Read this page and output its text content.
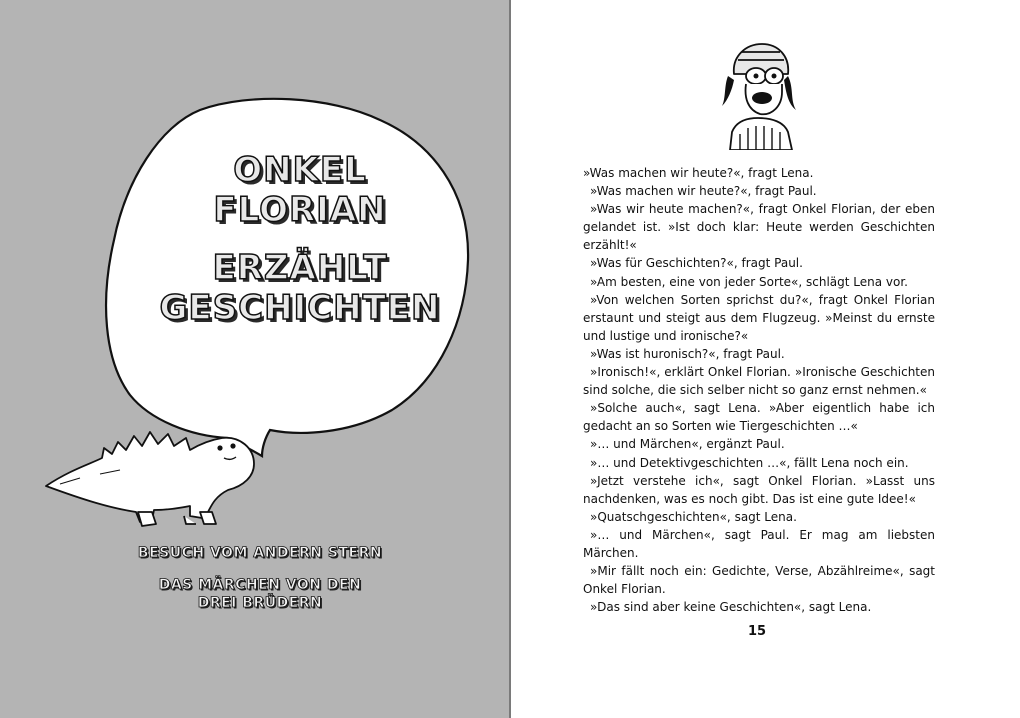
ONKEL
FLORIAN
ERZÄHLT
GESCHICHTEN
BESUCH VOM ANDERN STERN
DAS MÄRCHEN VON DEN
DREI BRÜDERN

»Was machen wir heute?«, fragt Lena.

»Was machen wir heute?«, fragt Paul.

»Was wir heute machen?«, fragt Onkel Florian, der eben gelandet ist. »Ist doch klar: Heute werden Geschichten erzählt!«

»Was für Geschichten?«, fragt Paul.

»Am besten, eine von jeder Sorte«, schlägt Lena vor.

»Von welchen Sorten sprichst du?«, fragt Onkel Florian erstaunt und steigt aus dem Flugzeug. »Meinst du ernste und lustige und ironische?«

»Was ist huronisch?«, fragt Paul.

»Ironisch!«, erklärt Onkel Florian. »Ironische Geschichten sind solche, die sich selber nicht so ganz ernst nehmen.«

»Solche auch«, sagt Lena. »Aber eigentlich habe ich gedacht an so Sorten wie Tiergeschichten …«

»… und Märchen«, ergänzt Paul.

»… und Detektivgeschichten …«, fällt Lena noch ein.

»Jetzt verstehe ich«, sagt Onkel Florian. »Lasst uns nachdenken, was es noch gibt. Das ist eine gute Idee!«

»Quatschgeschichten«, sagt Lena.

»… und Märchen«, sagt Paul. Er mag am liebsten Märchen.

»Mir fällt noch ein: Gedichte, Verse, Abzählreime«, sagt Onkel Florian.

»Das sind aber keine Geschichten«, sagt Lena.

15
